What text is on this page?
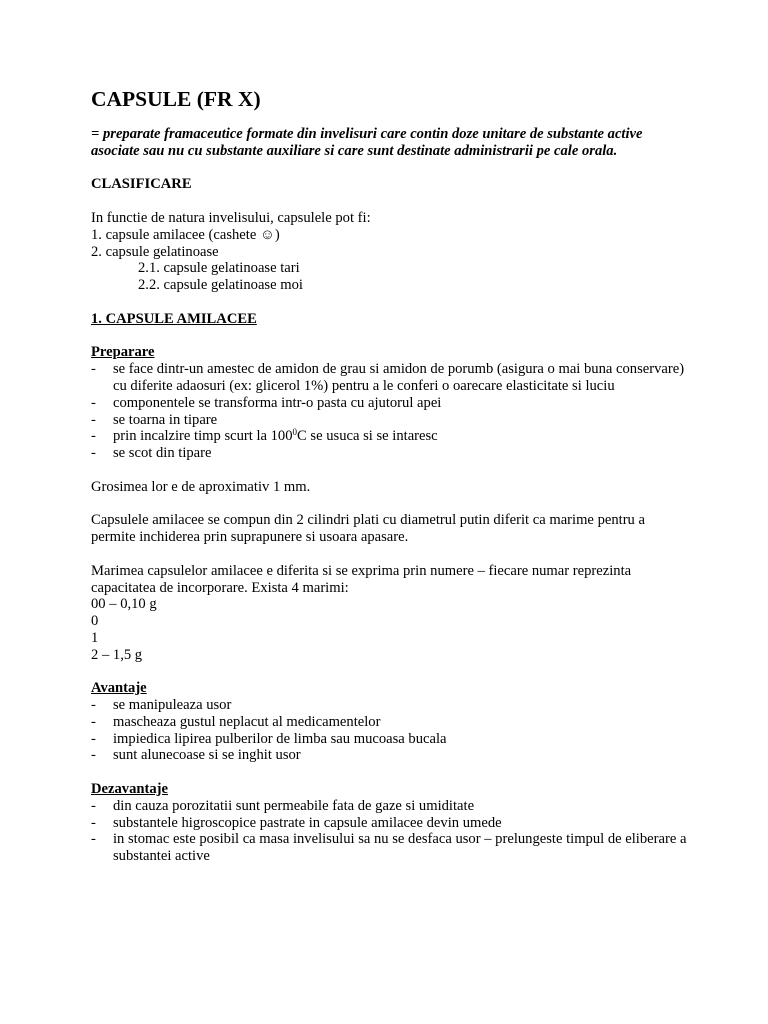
CAPSULE (FR X)

= preparate framaceutice formate din invelisuri care contin doze unitare de substante active asociate sau nu cu substante auxiliare si care sunt destinate administrarii pe cale orala.

CLASIFICARE

In functie de natura invelisului, capsulele pot fi:

1. capsule amilacee (cashete ☺)

2. capsule gelatinoase

2.1. capsule gelatinoase tari

2.2. capsule gelatinoase moi

1. CAPSULE AMILACEE

Preparare

- se face dintr-un amestec de amidon de grau si amidon de porumb (asigura o mai buna conservare) cu diferite adaosuri (ex: glicerol 1%) pentru a le conferi o oarecare elasticitate si luciu
- componentele se transforma intr-o pasta cu ajutorul apei
- se toarna in tipare
- prin incalzire timp scurt la $100^0C$ se usuca si se intaresc
- se scot din tipare

Grosimea lor e de aproximativ 1 mm.

Capsulele amilacee se compun din 2 cilindri plati cu diametrul putin diferit ca marime pentru a permite inchiderea prin suprapunere si usoara apasare.

Marimea capsulelor amilacee e diferita si se exprima prin numere – fiecare numar reprezinta capacitatea de incorporare. Exista 4 marimi:

00 – 0,10 g

0

1

2 – 1,5 g

Avantaje

- se manipuleaza usor
- mascheaza gustul neplacut al medicamentelor
- impiedica lipirea pulberilor de limba sau mucoasa bucala
- sunt alunecoase si se inghit usor

Dezavantaje

- din cauza porozitatii sunt permeabile fata de gaze si umiditate
- substantele higroscopice pastrate in capsule amilacee devin umede
- in stomac este posibil ca masa invelisului sa nu se desfaca usor – prelungeste timpul de eliberare a substantei active
